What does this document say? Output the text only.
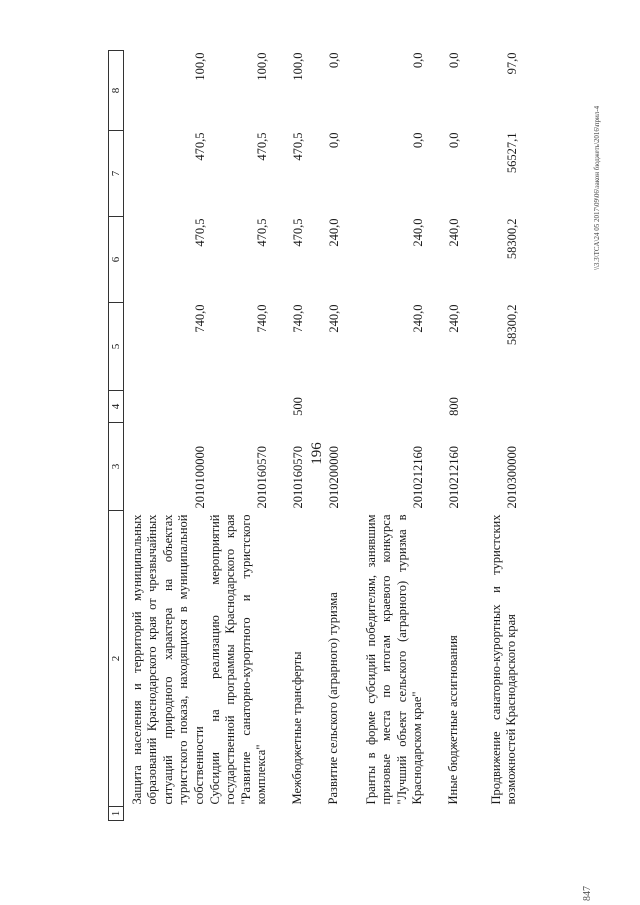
196
\\3.3\TCA\24 05 2017\09\06\закон бюджеть\2016\прил-4
847
1	2	3	4	5	6	7	8
	Защита населения и территорий муниципальных образований Краснодарского края от чрезвычайных ситуаций природного характера на объектах туристского показа, находящихся в муниципальной собственности	2010100000		740,0	470,5	470,5	100,0
	Субсидии на реализацию мероприятий государственной программы Краснодарского края "Развитие санаторно-курортного и туристского комплекса"	2010160570		740,0	470,5	470,5	100,0
	Межбюджетные трансферты	2010160570	500	740,0	470,5	470,5	100,0
	Развитие сельского (аграрного) туризма	2010200000		240,0	240,0	0,0	0,0
	Гранты в форме субсидий победителям, занявшим призовые места по итогам краевого конкурса "Лучший объект сельского (аграрного) туризма в Краснодарском крае"	2010212160		240,0	240,0	0,0	0,0
	Иные бюджетные ассигнования	2010212160	800	240,0	240,0	0,0	0,0
	Продвижение санаторно-курортных и туристских возможностей Краснодарского края	2010300000		58300,2	58300,2	56527,1	97,0
